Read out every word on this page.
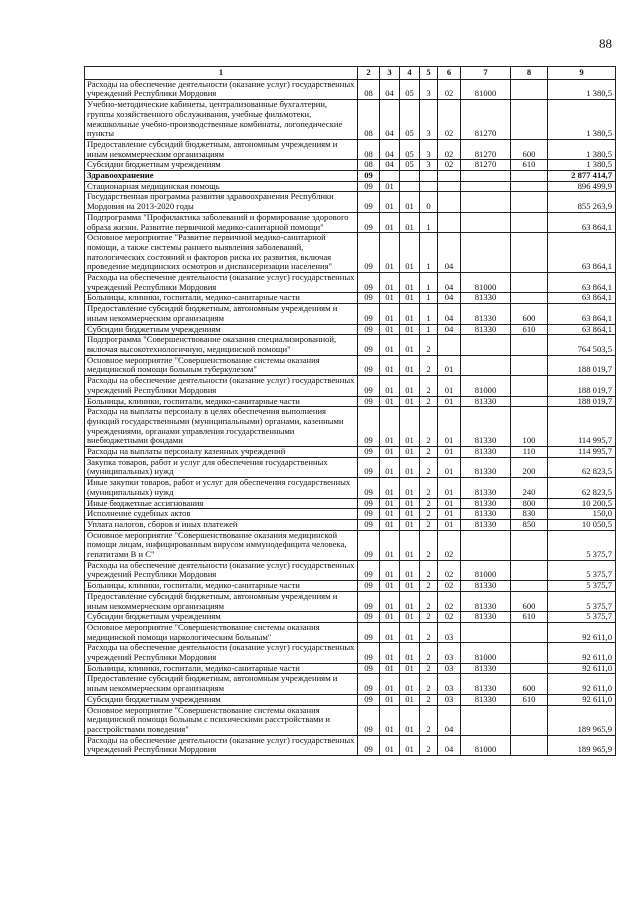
88
1	2	3	4	5	6	7	8	9
Расходы на обеспечение деятельности (оказание услуг) государственных учреждений Республики Мордовия	08	04	05	3	02	81000		1 380,5
Учебно-методические кабинеты, централизованные бухгалтерии, группы хозяйственного обслуживания, учебные фильмотеки, межшкольные учебно-производственные комбинаты, логопедические пункты	08	04	05	3	02	81270		1 380,5
Предоставление субсидий бюджетным, автономным учреждениям и иным некоммерческим организациям	08	04	05	3	02	81270	600	1 380,5
Субсидии бюджетным учреждениям	08	04	05	3	02	81270	610	1 380,5
Здравоохранение	09							2 877 414,7
Стационарная медицинская помощь	09	01						896 499,9
Государственная программа развития здравоохранения Республики Мордовия на 2013-2020 годы	09	01	01	0				855 263,9
Подпрограмма "Профилактика заболеваний и формирование здорового образа жизни. Развитие первичной медико-санитарной помощи"	09	01	01	1				63 864,1
Основное мероприятие "Развитие первичной медико-санитарной помощи, а также системы раннего выявления заболеваний, патологических состояний и факторов риска их развития, включая проведение медицинских осмотров и диспансеризации населения"	09	01	01	1	04			63 864,1
Расходы на обеспечение деятельности (оказание услуг) государственных учреждений Республики Мордовия	09	01	01	1	04	81000		63 864,1
Больницы, клиники, госпитали, медико-санитарные части	09	01	01	1	04	81330		63 864,1
Предоставление субсидий бюджетным, автономным учреждениям и иным некоммерческим организациям	09	01	01	1	04	81330	600	63 864,1
Субсидии бюджетным учреждениям	09	01	01	1	04	81330	610	63 864,1
Подпрограмма "Совершенствование оказания специализированной, включая высокотехнологичную, медицинской помощи"	09	01	01	2				764 503,5
Основное мероприятие "Совершенствование системы оказания медицинской помощи больным туберкулезом"	09	01	01	2	01			188 019,7
Расходы на обеспечение деятельности (оказание услуг) государственных учреждений Республики Мордовия	09	01	01	2	01	81000		188 019,7
Больницы, клиники, госпитали, медико-санитарные части	09	01	01	2	01	81330		188 019,7
Расходы на выплаты персоналу в целях обеспечения выполнения функций государственными (муниципальными) органами, казенными учреждениями, органами управления государственными внебюджетными фондами	09	01	01	2	01	81330	100	114 995,7
Расходы на выплаты персоналу казенных учреждений	09	01	01	2	01	81330	110	114 995,7
Закупка товаров, работ и услуг для обеспечения государственных (муниципальных) нужд	09	01	01	2	01	81330	200	62 823,5
Иные закупки товаров, работ и услуг для обеспечения государственных (муниципальных) нужд	09	01	01	2	01	81330	240	62 823,5
Иные бюджетные ассигнования	09	01	01	2	01	81330	800	10 200,5
Исполнение судебных актов	09	01	01	2	01	81330	830	150,0
Уплата налогов, сборов и иных платежей	09	01	01	2	01	81330	850	10 050,5
Основное мероприятие "Совершенствование оказания медицинской помощи лицам, инфицированным вирусом иммунодефицита человека, гепатитами В и С"	09	01	01	2	02			5 375,7
Расходы на обеспечение деятельности (оказание услуг) государственных учреждений Республики Мордовия	09	01	01	2	02	81000		5 375,7
Больницы, клиники, госпитали, медико-санитарные части	09	01	01	2	02	81330		5 375,7
Предоставление субсидий бюджетным, автономным учреждениям и иным некоммерческим организациям	09	01	01	2	02	81330	600	5 375,7
Субсидии бюджетным учреждениям	09	01	01	2	02	81330	610	5 375,7
Основное мероприятие "Совершенствование системы оказания медицинской помощи наркологическим больным"	09	01	01	2	03			92 611,0
Расходы на обеспечение деятельности (оказание услуг) государственных учреждений Республики Мордовия	09	01	01	2	03	81000		92 611,0
Больницы, клиники, госпитали, медико-санитарные части	09	01	01	2	03	81330		92 611,0
Предоставление субсидий бюджетным, автономным учреждениям и иным некоммерческим организациям	09	01	01	2	03	81330	600	92 611,0
Субсидии бюджетным учреждениям	09	01	01	2	03	81330	610	92 611,0
Основное мероприятие "Совершенствование системы оказания медицинской помощи больным с психическими расстройствами и расстройствами поведения"	09	01	01	2	04			189 965,9
Расходы на обеспечение деятельности (оказание услуг) государственных учреждений Республики Мордовия	09	01	01	2	04	81000		189 965,9
